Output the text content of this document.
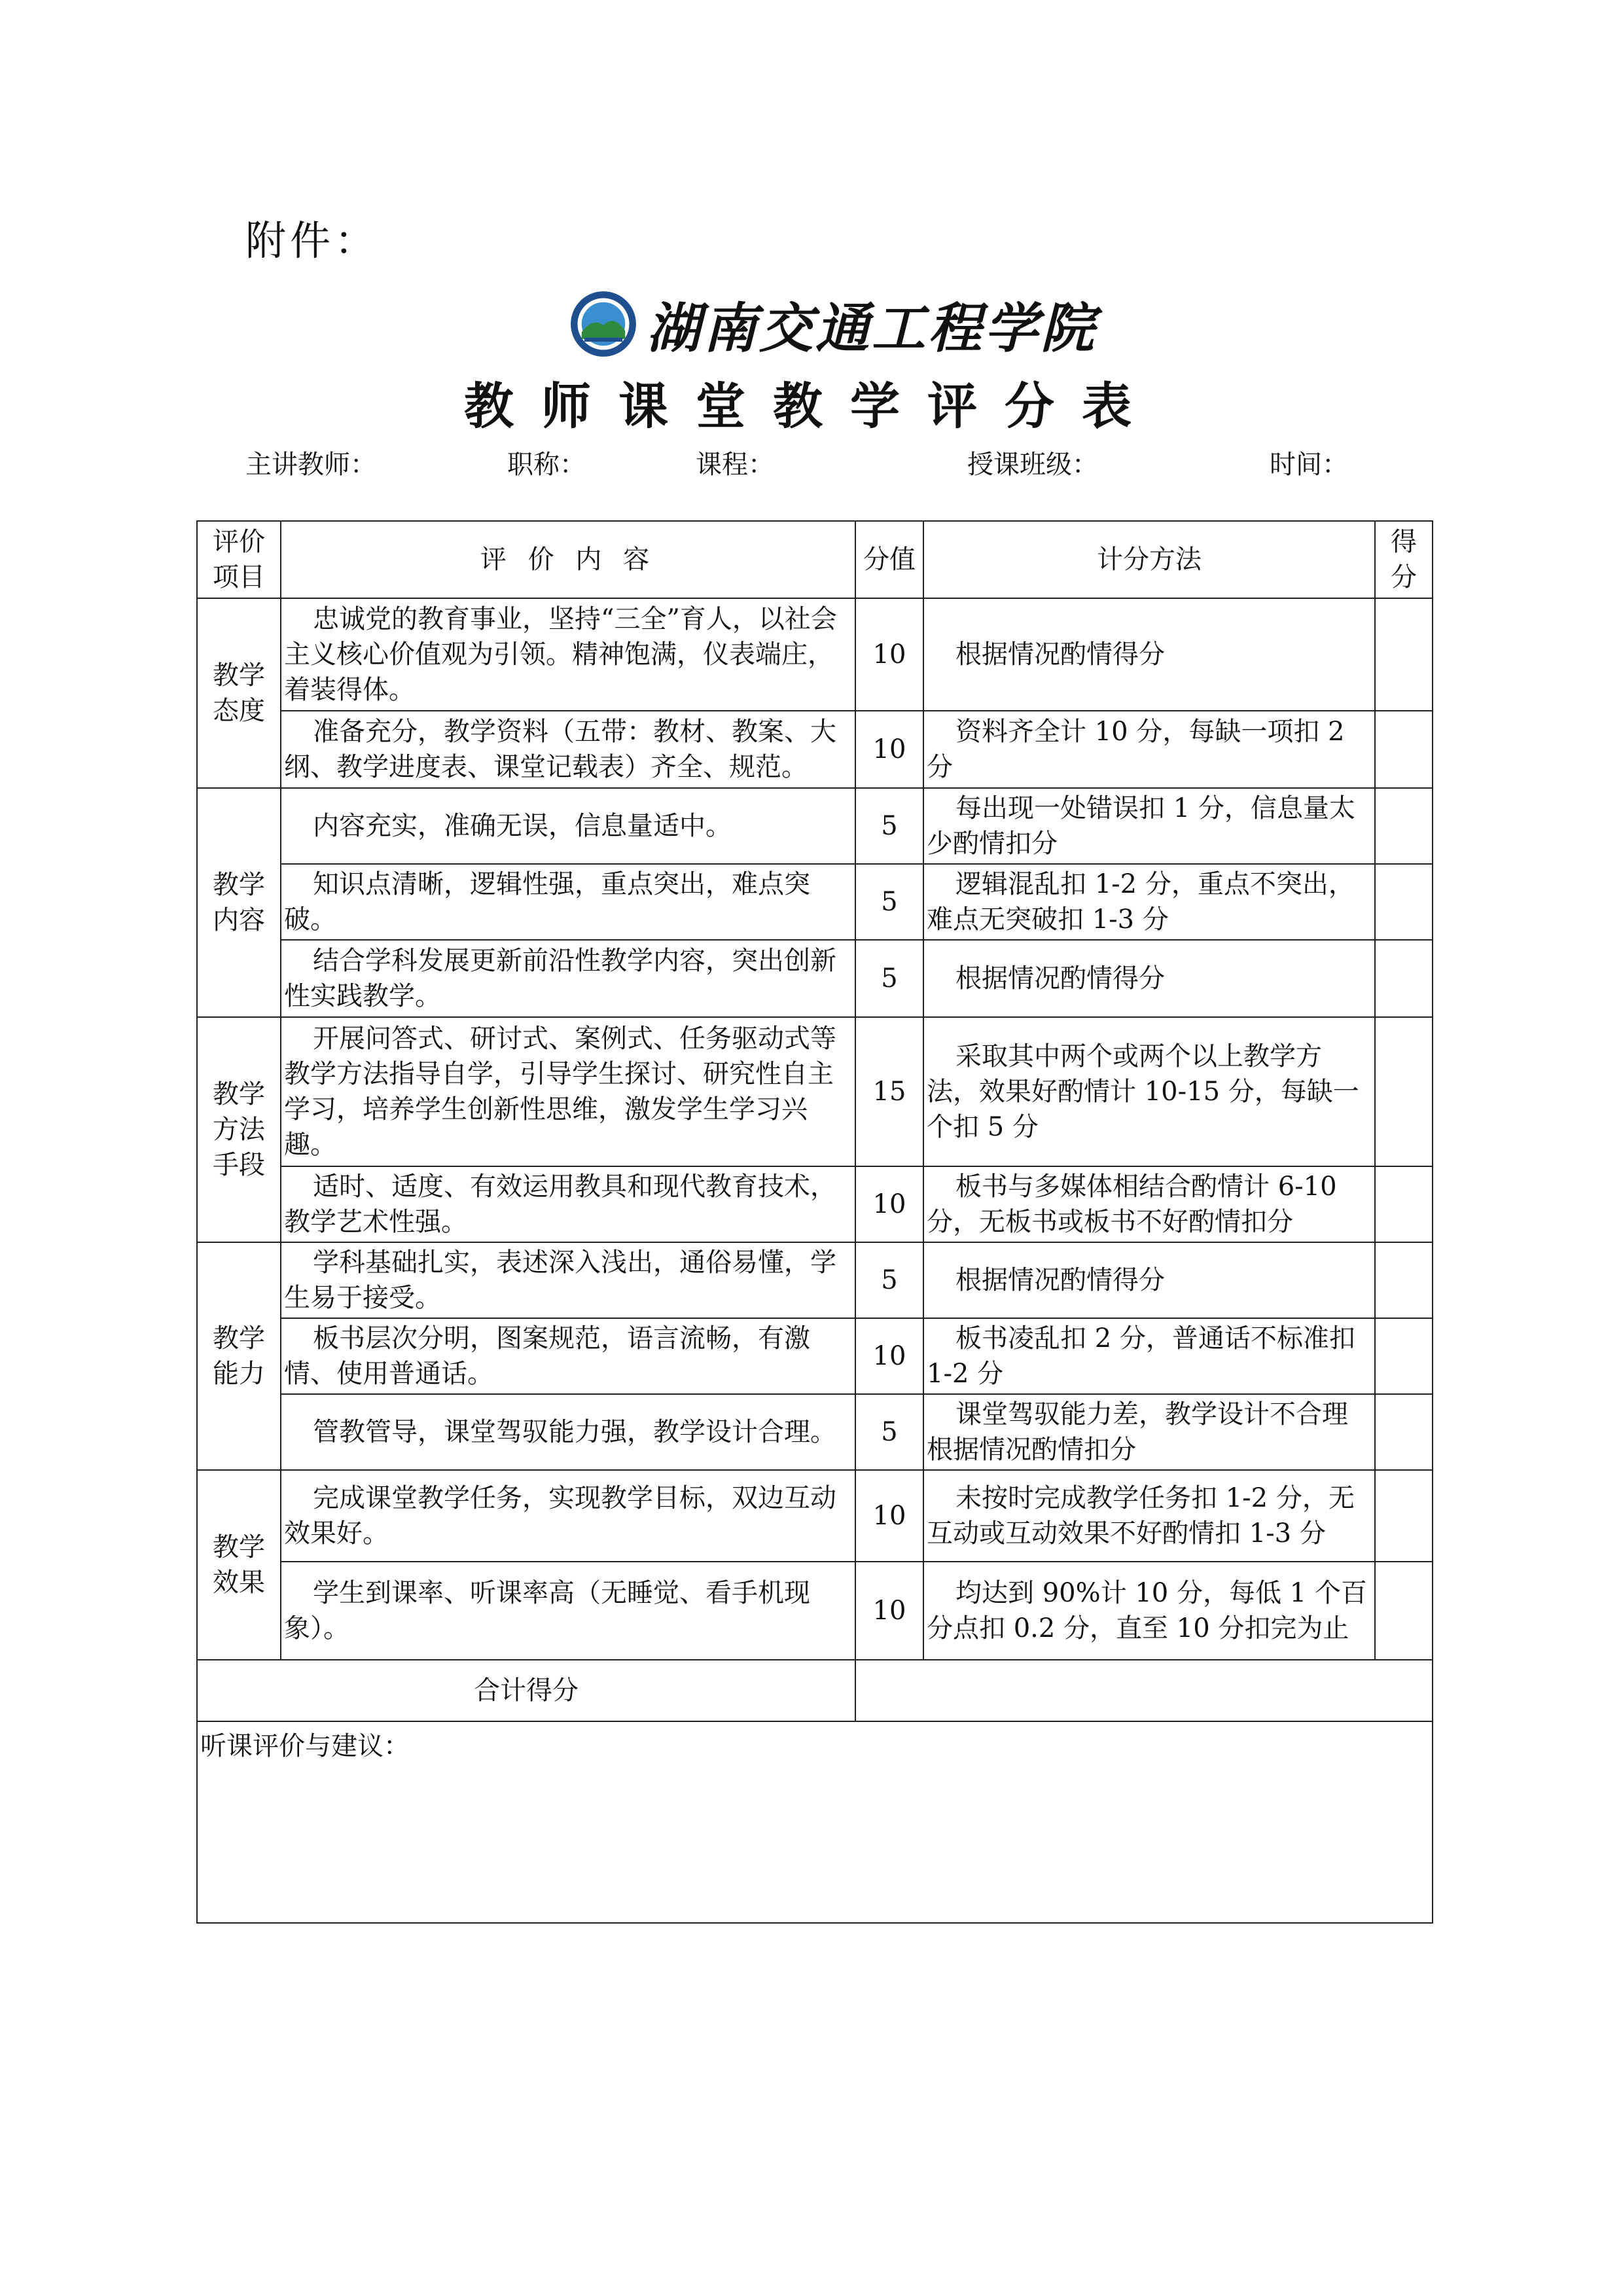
附件：
湖南交通工程学院
教师课堂教学评分表
主讲教师：	职称：	课程：	授课班级：	时间：
评价项目	评 价 内 容	分值	计分方法	得分
教学态度	忠诚党的教育事业，坚持“三全”育人，以社会主义核心价值观为引领。精神饱满，仪表端庄，着装得体。	10	根据情况酌情得分	
	准备充分，教学资料（五带：教材、教案、大纲、教学进度表、课堂记载表）齐全、规范。	10	资料齐全计 10 分，每缺一项扣 2 分	
教学内容	内容充实，准确无误，信息量适中。	5	每出现一处错误扣 1 分，信息量太少酌情扣分	
	知识点清晰，逻辑性强，重点突出，难点突破。	5	逻辑混乱扣 1-2 分，重点不突出，难点无突破扣 1-3 分	
	结合学科发展更新前沿性教学内容，突出创新性实践教学。	5	根据情况酌情得分	
教学方法手段	开展问答式、研讨式、案例式、任务驱动式等教学方法指导自学，引导学生探讨、研究性自主学习，培养学生创新性思维，激发学生学习兴趣。	15	采取其中两个或两个以上教学方法，效果好酌情计 10-15 分，每缺一个扣 5 分	
	适时、适度、有效运用教具和现代教育技术，教学艺术性强。	10	板书与多媒体相结合酌情计 6-10 分，无板书或板书不好酌情扣分	
教学能力	学科基础扎实，表述深入浅出，通俗易懂，学生易于接受。	5	根据情况酌情得分	
	板书层次分明，图案规范，语言流畅，有激情、使用普通话。	10	板书凌乱扣 2 分，普通话不标准扣 1-2 分	
	管教管导，课堂驾驭能力强，教学设计合理。	5	课堂驾驭能力差，教学设计不合理根据情况酌情扣分	
教学效果	完成课堂教学任务，实现教学目标，双边互动效果好。	10	未按时完成教学任务扣 1-2 分，无互动或互动效果不好酌情扣 1-3 分	
	学生到课率、听课率高（无睡觉、看手机现象）。	10	均达到 90%计 10 分，每低 1 个百分点扣 0.2 分，直至 10 分扣完为止	
合计得分				
听课评价与建议：				
